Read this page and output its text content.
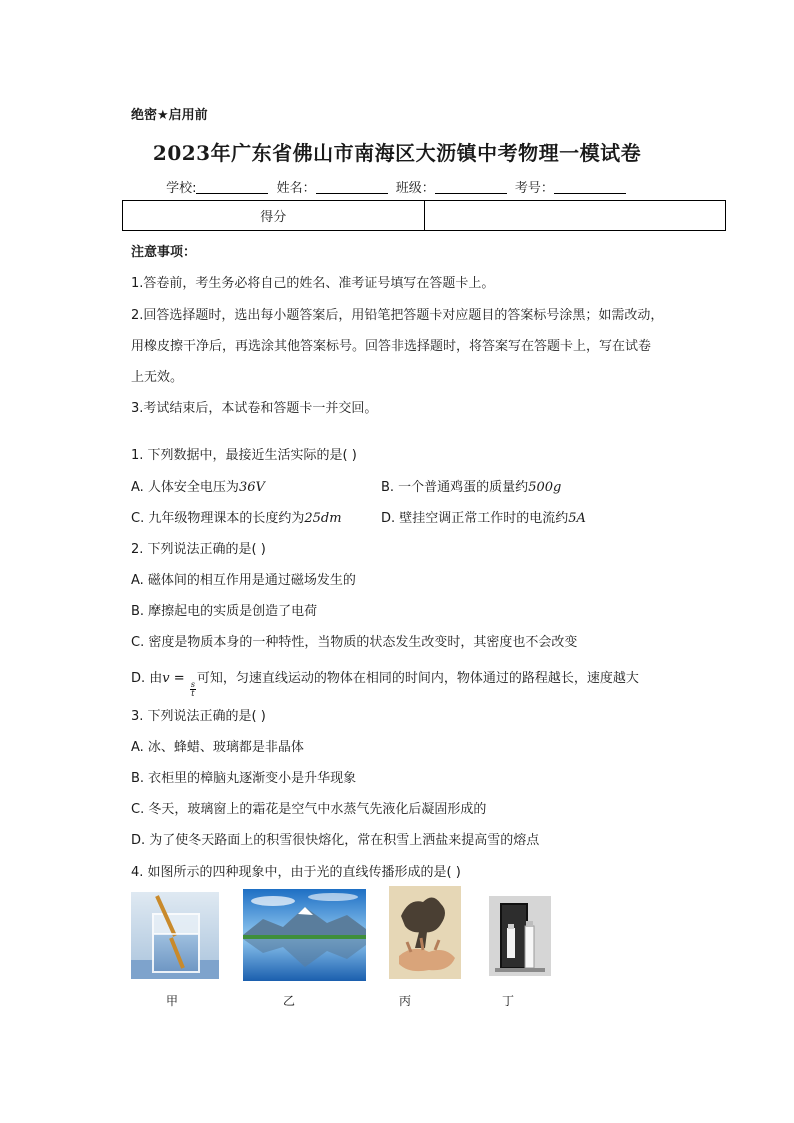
绝密★启用前
2023年广东省佛山市南海区大沥镇中考物理一模试卷
学校:	姓名：	班级：	考号：
得分
注意事项：
1.答卷前，考生务必将自己的姓名、准考证号填写在答题卡上。
2.回答选择题时，选出每小题答案后，用铅笔把答题卡对应题目的答案标号涂黑；如需改动，
用橡皮擦干净后，再选涂其他答案标号。回答非选择题时，将答案写在答题卡上，写在试卷
上无效。
3.考试结束后，本试卷和答题卡一并交回。
1. 下列数据中，最接近生活实际的是( )
A. 人体安全电压为36V	B. 一个普通鸡蛋的质量约500g
C. 九年级物理课本的长度约为25dm	D. 壁挂空调正常工作时的电流约5A
2. 下列说法正确的是( )
A. 磁体间的相互作用是通过磁场发生的
B. 摩擦起电的实质是创造了电荷
C. 密度是物质本身的一种特性，当物质的状态发生改变时，其密度也不会改变
D. 由v =
$\frac{s}{t}$
可知，匀速直线运动的物体在相同的时间内，物体通过的路程越长，速度越大
3. 下列说法正确的是( )
A. 冰、蜂蜡、玻璃都是非晶体
B. 衣柜里的樟脑丸逐渐变小是升华现象
C. 冬天，玻璃窗上的霜花是空气中水蒸气先液化后凝固形成的
D. 为了使冬天路面上的积雪很快熔化，常在积雪上洒盐来提高雪的熔点
4. 如图所示的四种现象中，由于光的直线传播形成的是( )
甲	乙	丙	丁
